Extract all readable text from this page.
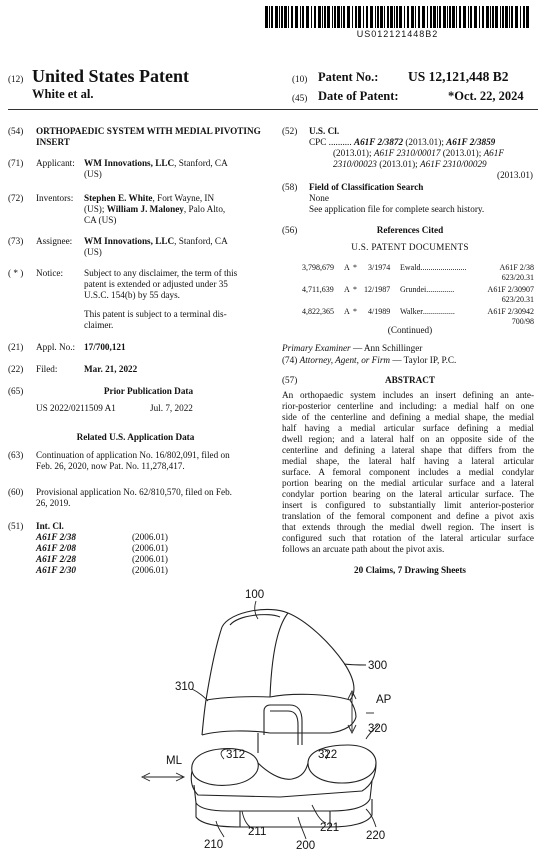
US012121448B2
(12) United States Patent
White et al.
(10) Patent No.: US 12,121,448 B2
(45) Date of Patent:	*Oct. 22, 2024
(54) ORTHOPAEDIC SYSTEM WITH MEDIAL PIVOTING INSERT
(71) Applicant: WM Innovations, LLC, Stanford, CA
(US)
(72) Inventors: Stephen E. White, Fort Wayne, IN
(US); William J. Maloney, Palo Alto,
CA (US)
(73) Assignee: WM Innovations, LLC, Stanford, CA
(US)
( * ) Notice: Subject to any disclaimer, the term of this
patent is extended or adjusted under 35
U.S.C. 154(b) by 55 days.
This patent is subject to a terminal dis-
claimer.
(21) Appl. No.: 17/700,121
(22) Filed:	Mar. 21, 2022
(65)	Prior Publication Data
US 2022/0211509 A1	Jul. 7, 2022
Related U.S. Application Data
(63) Continuation of application No. 16/802,091, filed on
Feb. 26, 2020, now Pat. No. 11,278,417.
(60) Provisional application No. 62/810,570, filed on Feb.
26, 2019.
(51) Int. Cl.
A61F 2/38	(2006.01)
A61F 2/08	(2006.01)
A61F 2/28	(2006.01)
A61F 2/30	(2006.01)
(52) U.S. Cl.
CPC .......... A61F 2/3872 (2013.01); A61F 2/3859
(2013.01); A61F 2310/00017 (2013.01); A61F
2310/00023 (2013.01); A61F 2310/00029

(2013.01)
(58) Field of Classification Search
None
See application file for complete search history.
(56)	References Cited
U.S. PATENT DOCUMENTS
3,798,679	A *	3/1974	Ewald .......................	A61F 2/38
623/20.31
4,711,639	A * 12/1987	Grundei ..............	A61F 2/30907
623/20.31
4,822,365	A *	4/1989	Walker ................	A61F 2/30942
700/98
(Continued)
Primary Examiner — Ann Schillinger
(74) Attorney, Agent, or Firm — Taylor IP, P.C.
(57)	ABSTRACT
An orthopaedic system includes an insert defining an ante-
rior-posterior centerline and including: a medial half on one
side of the centerline and defining a medial shape, the medial
half having a medial articular surface defining a medial
dwell region; and a lateral half on an opposite side of the
centerline and defining a lateral shape that differs from the
medial shape, the lateral half having a lateral articular
surface. A femoral component includes a medial condylar
portion bearing on the medial articular surface and a lateral
condylar portion bearing on the lateral articular surface. The
insert is configured to substantially limit anterior-posterior
translation of the femoral component and define a pivot axis
that extends through the medial dwell region. The insert is
configured such that rotation of the lateral articular surface
follows an arcuate path about the pivot axis.
20 Claims, 7 Drawing Sheets
100
300
310
AP
320
ML	312	322
210
211
200
221
220
